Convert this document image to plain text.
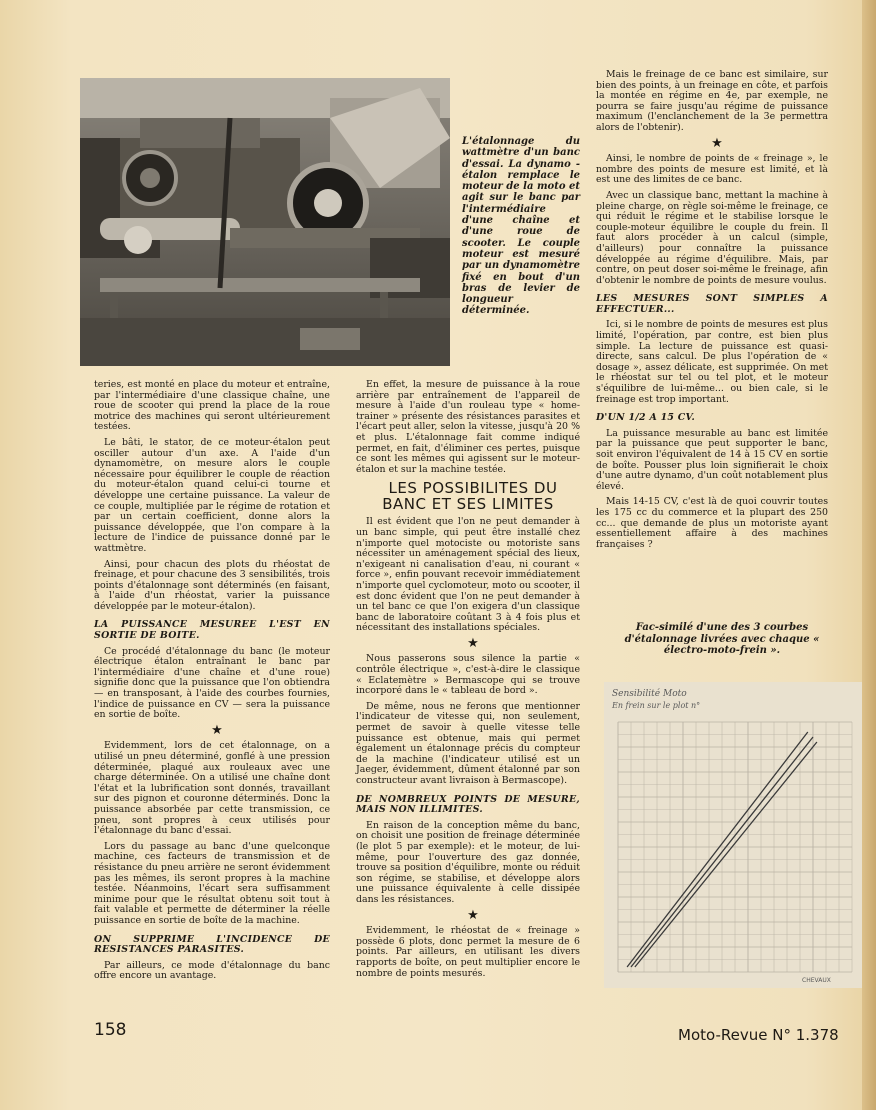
L'étalonnage du wattmètre d'un banc d'essai. La dynamo - étalon remplace le moteur de la moto et agit sur le banc par l'intermédiaire d'une chaîne et d'une roue de scooter. Le couple moteur est mesuré par un dynamomètre fixé en bout d'un bras de levier de longueur déterminée.

teries, est monté en place du moteur et entraîne, par l'intermédiaire d'une classique chaîne, une roue de scooter qui prend la place de la roue motrice des machines qui seront ultérieurement testées.

Le bâti, le stator, de ce moteur-étalon peut osciller autour d'un axe. A l'aide d'un dynamomètre, on mesure alors le couple nécessaire pour équilibrer le couple de réaction du moteur-étalon quand celui-ci tourne et développe une certaine puissance. La valeur de ce couple, multipliée par le régime de rotation et par un certain coefficient, donne alors la puissance développée, que l'on compare à la lecture de l'indice de puissance donné par le wattmètre.

Ainsi, pour chacun des plots du rhéostat de freinage, et pour chacune des 3 sensibilités, trois points d'étalonnage sont déterminés (en faisant, à l'aide d'un rhéostat, varier la puissance développée par le moteur-étalon).

LA PUISSANCE MESUREE L'EST EN SORTIE DE BOITE.

Ce procédé d'étalonnage du banc (le moteur électrique étalon entraînant le banc par l'intermédiaire d'une chaîne et d'une roue) signifie donc que la puissance que l'on obtiendra — en transposant, à l'aide des courbes fournies, l'indice de puissance en CV — sera la puissance en sortie de boîte.

★

Evidemment, lors de cet étalonnage, on a utilisé un pneu déterminé, gonflé à une pression déterminée, plaqué aux rouleaux avec une charge déterminée. On a utilisé une chaîne dont l'état et la lubrification sont donnés, travaillant sur des pignon et couronne déterminés. Donc la puissance absorbée par cette transmission, ce pneu, sont propres à ceux utilisés pour l'étalonnage du banc d'essai.

Lors du passage au banc d'une quelconque machine, ces facteurs de transmission et de résistance du pneu arrière ne seront évidemment pas les mêmes, ils seront propres à la machine testée. Néanmoins, l'écart sera suffisamment minime pour que le résultat obtenu soit tout à fait valable et permette de déterminer la réelle puissance en sortie de boîte de la machine.

ON SUPPRIME L'INCIDENCE DE RESISTANCES PARASITES.

Par ailleurs, ce mode d'étalonnage du banc offre encore un avantage.

En effet, la mesure de puissance à la roue arrière par entraînement de l'appareil de mesure à l'aide d'un rouleau type « home-trainer » présente des résistances parasites et l'écart peut aller, selon la vitesse, jusqu'à 20 % et plus. L'étalonnage fait comme indiqué permet, en fait, d'éliminer ces pertes, puisque ce sont les mêmes qui agissent sur le moteur-étalon et sur la machine testée.

LES POSSIBILITES DU BANC ET SES LIMITES

Il est évident que l'on ne peut demander à un banc simple, qui peut être installé chez n'importe quel motociste ou motoriste sans nécessiter un aménagement spécial des lieux, n'exigeant ni canalisation d'eau, ni courant « force », enfin pouvant recevoir immédiatement n'importe quel cyclomoteur, moto ou scooter, il est donc évident que l'on ne peut demander à un tel banc ce que l'on exigera d'un classique banc de laboratoire coûtant 3 à 4 fois plus et nécessitant des installations spéciales.

★

Nous passerons sous silence la partie « contrôle électrique », c'est-à-dire le classique « Eclatemètre » Bermascope qui se trouve incorporé dans le « tableau de bord ».

De même, nous ne ferons que mentionner l'indicateur de vitesse qui, non seulement, permet de savoir à quelle vitesse telle puissance est obtenue, mais qui permet également un étalonnage précis du compteur de la machine (l'indicateur utilisé est un Jaeger, évidemment, dûment étalonné par son constructeur avant livraison à Bermascope).

DE NOMBREUX POINTS DE MESURE, MAIS NON ILLIMITES.

En raison de la conception même du banc, on choisit une position de freinage déterminée (le plot 5 par exemple): et le moteur, de lui-même, pour l'ouverture des gaz donnée, trouve sa position d'équilibre, monte ou réduit son régime, se stabilise, et développe alors une puissance équivalente à celle dissipée dans les résistances.

★

Evidemment, le rhéostat de « freinage » possède 6 plots, donc permet la mesure de 6 points. Par ailleurs, en utilisant les divers rapports de boîte, on peut multiplier encore le nombre de points mesurés.

Mais le freinage de ce banc est similaire, sur bien des points, à un freinage en côte, et parfois la montée en régime en 4e, par exemple, ne pourra se faire jusqu'au régime de puissance maximum (l'enclanchement de la 3e permettra alors de l'obtenir).

★

Ainsi, le nombre de points de « freinage », le nombre des points de mesure est limité, et là est une des limites de ce banc.

Avec un classique banc, mettant la machine à pleine charge, on règle soi-même le freinage, ce qui réduit le régime et le stabilise lorsque le couple-moteur équilibre le couple du frein. Il faut alors procéder à un calcul (simple, d'ailleurs) pour connaître la puissance développée au régime d'équilibre. Mais, par contre, on peut doser soi-même le freinage, afin d'obtenir le nombre de points de mesure voulus.

LES MESURES SONT SIMPLES A EFFECTUER...

Ici, si le nombre de points de mesures est plus limité, l'opération, par contre, est bien plus simple. La lecture de puissance est quasi-directe, sans calcul. De plus l'opération de « dosage », assez délicate, est supprimée. On met le rhéostat sur tel ou tel plot, et le moteur s'équilibre de lui-même... ou bien cale, si le freinage est trop important.

D'UN 1/2 A 15 CV.

La puissance mesurable au banc est limitée par la puissance que peut supporter le banc, soit environ l'équivalent de 14 à 15 CV en sortie de boîte. Pousser plus loin signifierait le choix d'une autre dynamo, d'un coût notablement plus élevé.

Mais 14-15 CV, c'est là de quoi couvrir toutes les 175 cc du commerce et la plupart des 250 cc... que demande de plus un motoriste ayant essentiellement affaire à des machines françaises ?

Fac-similé d'une des 3 courbes d'étalonnage livrées avec chaque « électro-moto-frein ».
Sensibilité Moto
En frein sur le plot n°
CHEVAUX
158	Moto-Revue N° 1.378
